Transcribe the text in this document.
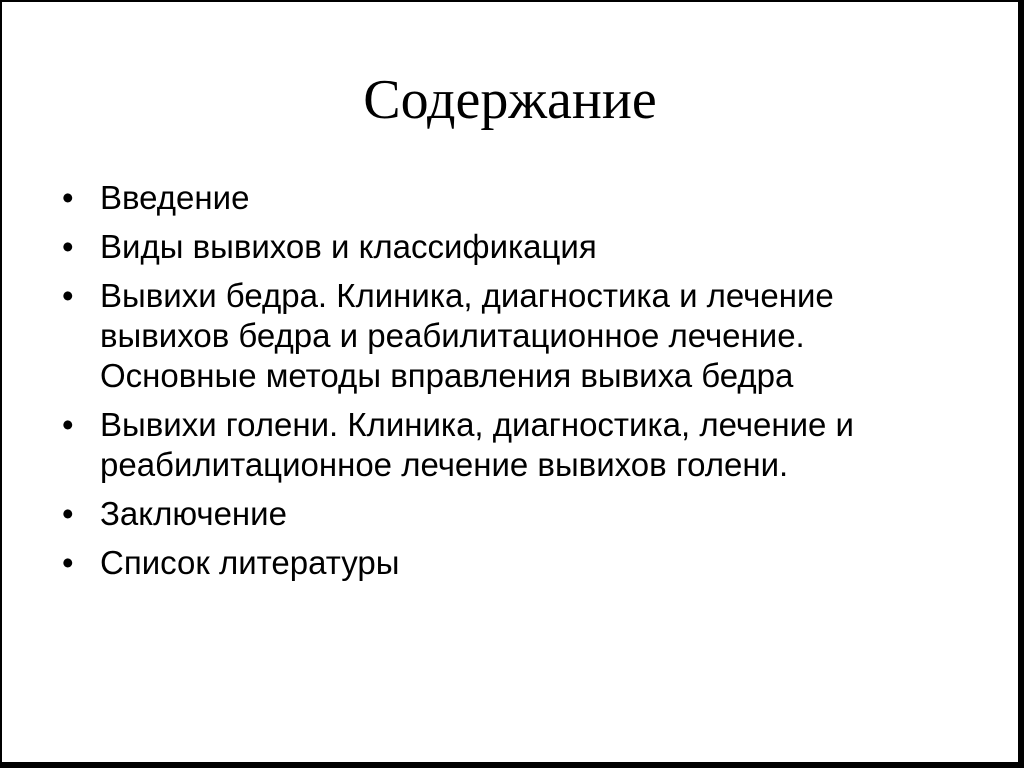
Содержание
• Введение
• Виды вывихов и классификация
• Вывихи бедра. Клиника, диагностика и лечение вывихов бедра и реабилитационное лечение. Основные методы вправления вывиха бедра
• Вывихи голени. Клиника, диагностика, лечение и реабилитационное лечение вывихов голени.
• Заключение
• Список литературы
